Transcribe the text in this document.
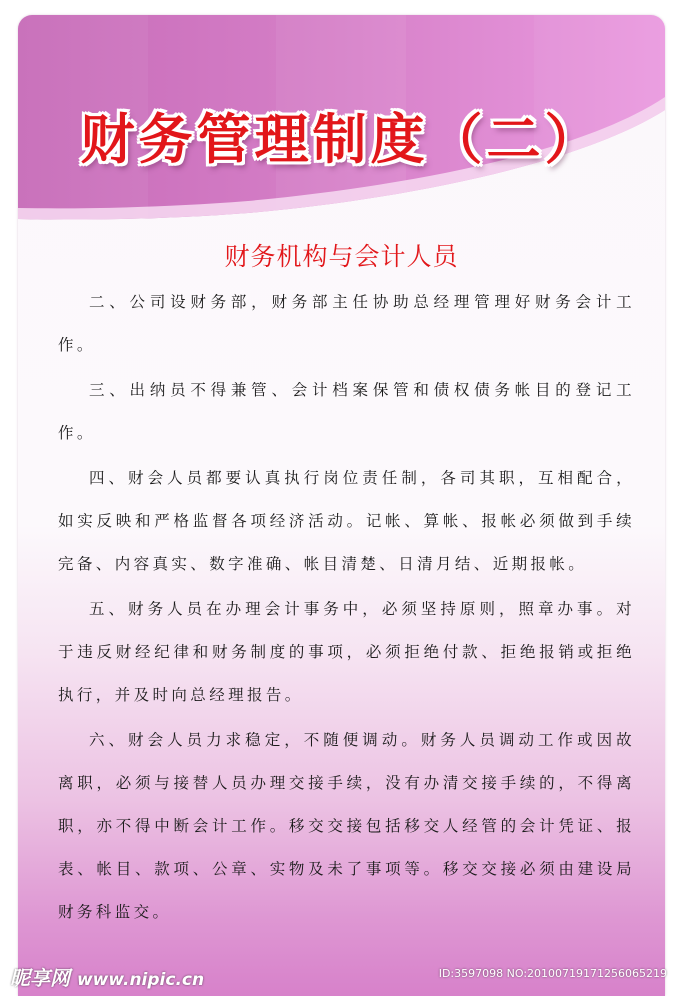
财务管理制度（二）
财务机构与会计人员

二、公司设财务部，财务部主任协助总经理管理好财务会计工作。

三、出纳员不得兼管、会计档案保管和债权债务帐目的登记工作。

四、财会人员都要认真执行岗位责任制，各司其职，互相配合，如实反映和严格监督各项经济活动。记帐、算帐、报帐必须做到手续完备、内容真实、数字准确、帐目清楚、日清月结、近期报帐。

五、财务人员在办理会计事务中，必须坚持原则，照章办事。对于违反财经纪律和财务制度的事项，必须拒绝付款、拒绝报销或拒绝执行，并及时向总经理报告。

六、财会人员力求稳定，不随便调动。财务人员调动工作或因故离职，必须与接替人员办理交接手续，没有办清交接手续的，不得离职，亦不得中断会计工作。移交交接包括移交人经管的会计凭证、报表、帐目、款项、公章、实物及未了事项等。移交交接必须由建设局财务科监交。

昵享网 www.nipic.cn	ID:3597098 NO:20100719171256065219
